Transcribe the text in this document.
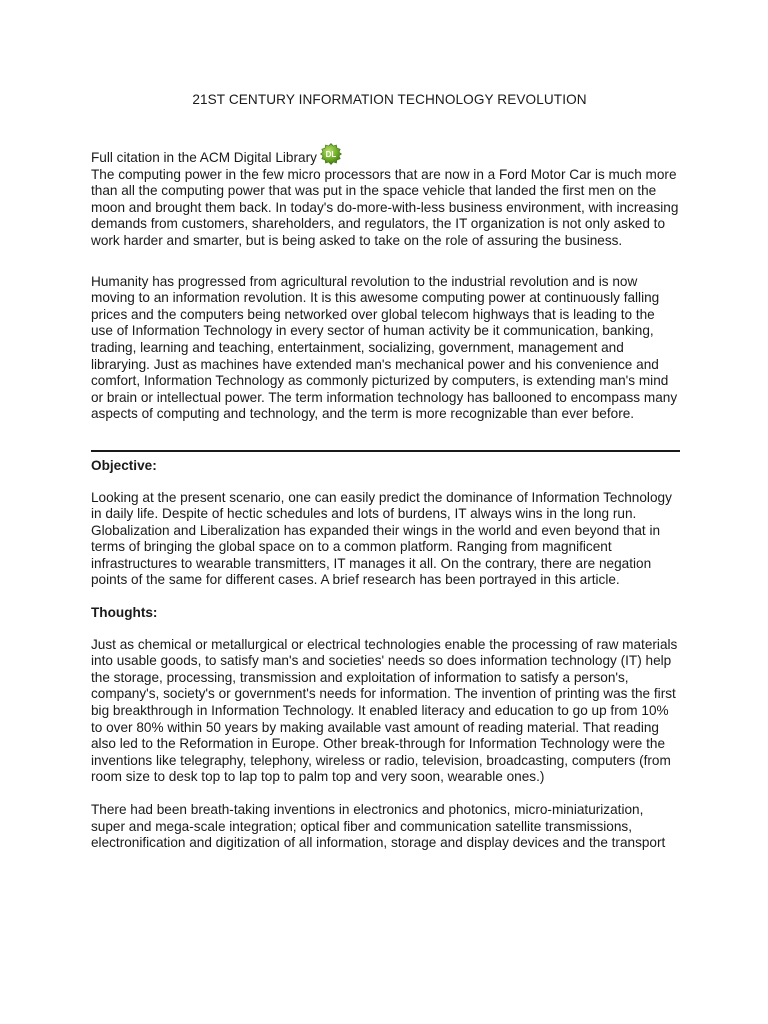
21ST CENTURY INFORMATION TECHNOLOGY REVOLUTION
Full citation in the ACM Digital Library DL

The computing power in the few micro processors that are now in a Ford Motor Car is much more than all the computing power that was put in the space vehicle that landed the first men on the moon and brought them back. In today's do-more-with-less business environment, with increasing demands from customers, shareholders, and regulators, the IT organization is not only asked to work harder and smarter, but is being asked to take on the role of assuring the business.

Humanity has progressed from agricultural revolution to the industrial revolution and is now moving to an information revolution. It is this awesome computing power at continuously falling prices and the computers being networked over global telecom highways that is leading to the use of Information Technology in every sector of human activity be it communication, banking, trading, learning and teaching, entertainment, socializing, government, management and librarying. Just as machines have extended man's mechanical power and his convenience and comfort, Information Technology as commonly picturized by computers, is extending man's mind or brain or intellectual power. The term information technology has ballooned to encompass many aspects of computing and technology, and the term is more recognizable than ever before.

Objective:

Looking at the present scenario, one can easily predict the dominance of Information Technology in daily life. Despite of hectic schedules and lots of burdens, IT always wins in the long run. Globalization and Liberalization has expanded their wings in the world and even beyond that in terms of bringing the global space on to a common platform. Ranging from magnificent infrastructures to wearable transmitters, IT manages it all. On the contrary, there are negation points of the same for different cases. A brief research has been portrayed in this article.

Thoughts:

Just as chemical or metallurgical or electrical technologies enable the processing of raw materials into usable goods, to satisfy man's and societies' needs so does information technology (IT) help the storage, processing, transmission and exploitation of information to satisfy a person's, company's, society's or government's needs for information. The invention of printing was the first big breakthrough in Information Technology. It enabled literacy and education to go up from 10% to over 80% within 50 years by making available vast amount of reading material. That reading also led to the Reformation in Europe. Other break-through for Information Technology were the inventions like telegraphy, telephony, wireless or radio, television, broadcasting, computers (from room size to desk top to lap top to palm top and very soon, wearable ones.)

There had been breath-taking inventions in electronics and photonics, micro-miniaturization, super and mega-scale integration; optical fiber and communication satellite transmissions, electronification and digitization of all information, storage and display devices and the transport
